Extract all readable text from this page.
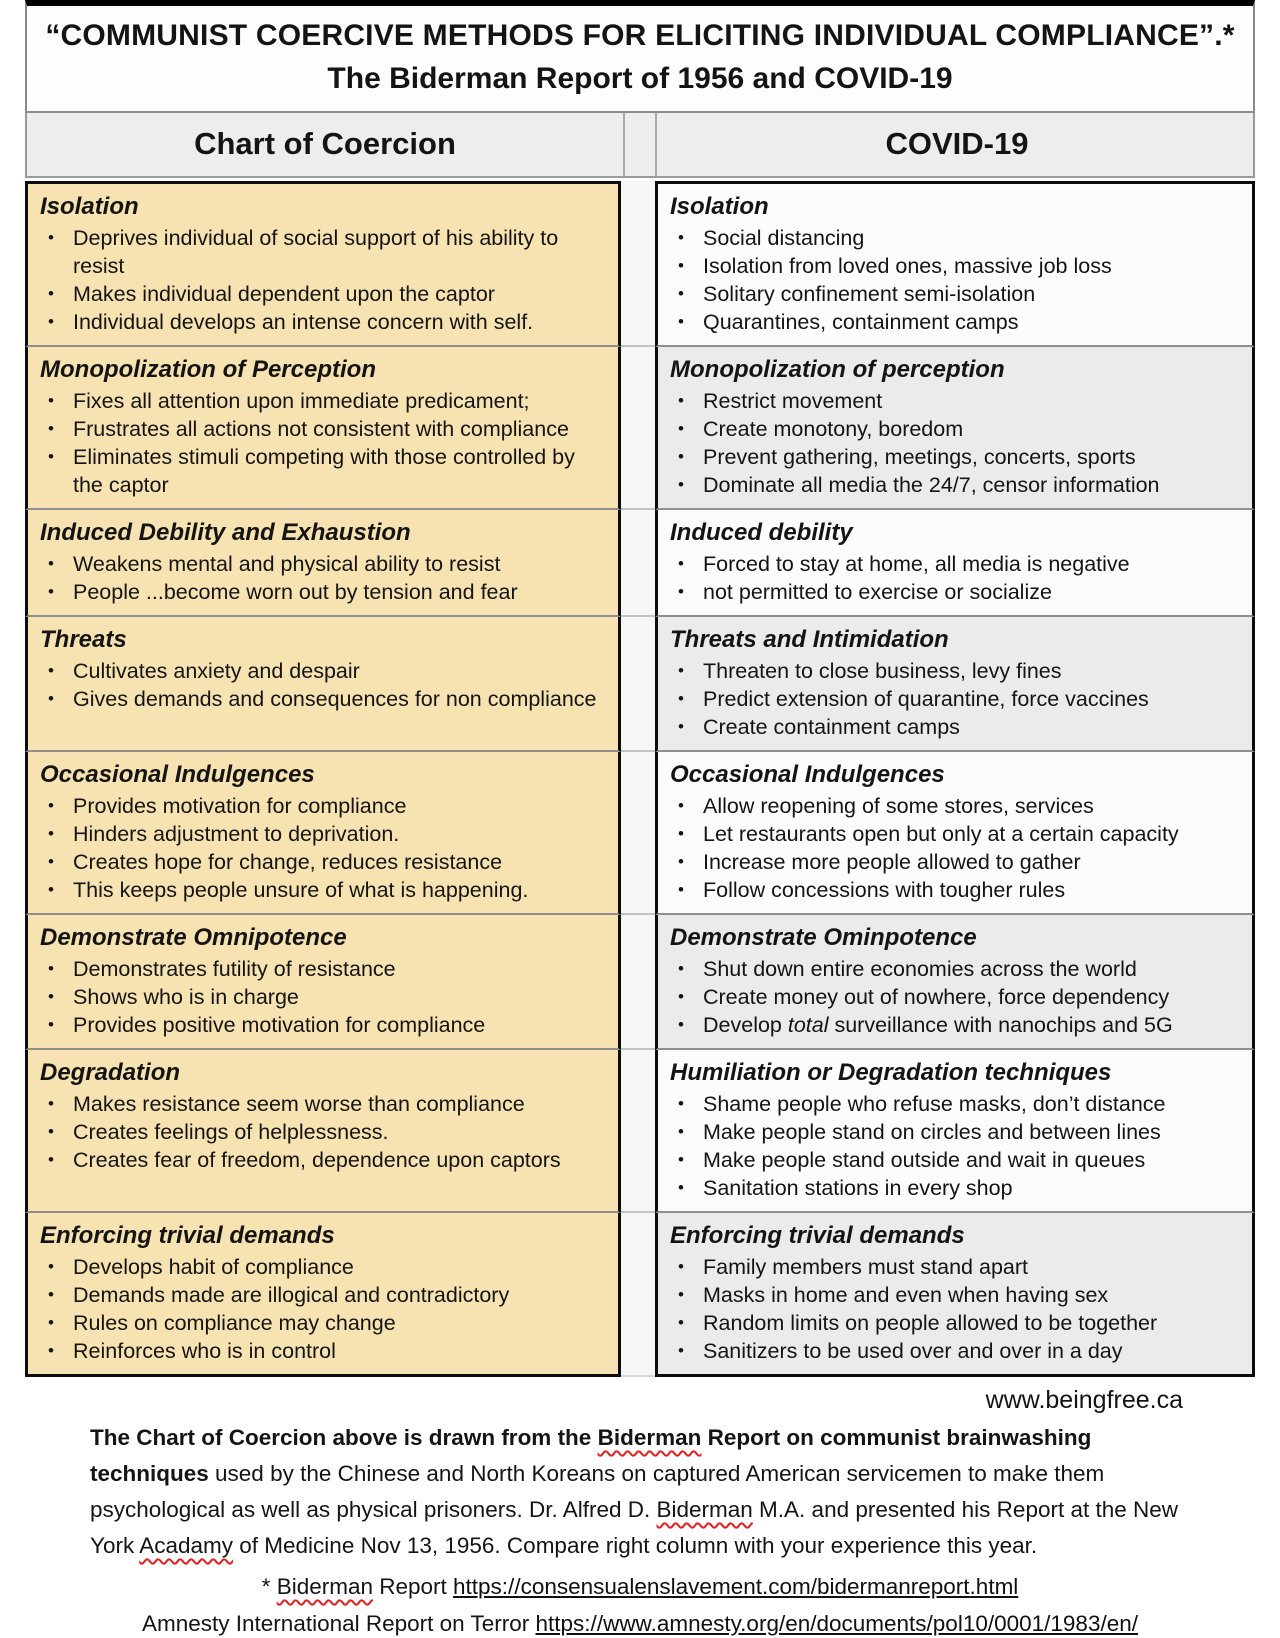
“COMMUNIST COERCIVE METHODS FOR ELICITING INDIVIDUAL COMPLIANCE”.*
The Biderman Report of 1956 and COVID-19
Chart of Coercion	COVID-19
Isolation
• Deprives individual of social support of his ability to resist
• Makes individual dependent upon the captor
• Individual develops an intense concern with self.
Isolation
• Social distancing
• Isolation from loved ones, massive job loss
• Solitary confinement semi-isolation
• Quarantines, containment camps
Monopolization of Perception
• Fixes all attention upon immediate predicament;
• Frustrates all actions not consistent with compliance
• Eliminates stimuli competing with those controlled by the captor
Monopolization of perception
• Restrict movement
• Create monotony, boredom
• Prevent gathering, meetings, concerts, sports
• Dominate all media the 24/7, censor information
Induced Debility and Exhaustion
• Weakens mental and physical ability to resist
• People ...become worn out by tension and fear
Induced debility
• Forced to stay at home, all media is negative
• not permitted to exercise or socialize
Threats
• Cultivates anxiety and despair
• Gives demands and consequences for non compliance
Threats and Intimidation
• Threaten to close business, levy fines
• Predict extension of quarantine, force vaccines
• Create containment camps
Occasional Indulgences
• Provides motivation for compliance
• Hinders adjustment to deprivation.
• Creates hope for change, reduces resistance
• This keeps people unsure of what is happening.
Occasional Indulgences
• Allow reopening of some stores, services
• Let restaurants open but only at a certain capacity
• Increase more people allowed to gather
• Follow concessions with tougher rules
Demonstrate Omnipotence
• Demonstrates futility of resistance
• Shows who is in charge
• Provides positive motivation for compliance
Demonstrate Ominpotence
• Shut down entire economies across the world
• Create money out of nowhere, force dependency
• Develop total surveillance with nanochips and 5G
Degradation
• Makes resistance seem worse than compliance
• Creates feelings of helplessness.
• Creates fear of freedom, dependence upon captors
Humiliation or Degradation techniques
• Shame people who refuse masks, don’t distance
• Make people stand on circles and between lines
• Make people stand outside and wait in queues
• Sanitation stations in every shop
Enforcing trivial demands
• Develops habit of compliance
• Demands made are illogical and contradictory
• Rules on compliance may change
• Reinforces who is in control
Enforcing trivial demands
• Family members must stand apart
• Masks in home and even when having sex
• Random limits on people allowed to be together
• Sanitizers to be used over and over in a day
www.beingfree.ca

The Chart of Coercion above is drawn from the Biderman Report on communist brainwashing techniques used by the Chinese and North Koreans on captured American servicemen to make them psychological as well as physical prisoners. Dr. Alfred D. Biderman M.A. and presented his Report at the New York Acadamy of Medicine Nov 13, 1956. Compare right column with your experience this year.

* Biderman Report https://consensualenslavement.com/bidermanreport.html
Amnesty International Report on Terror https://www.amnesty.org/en/documents/pol10/0001/1983/en/
